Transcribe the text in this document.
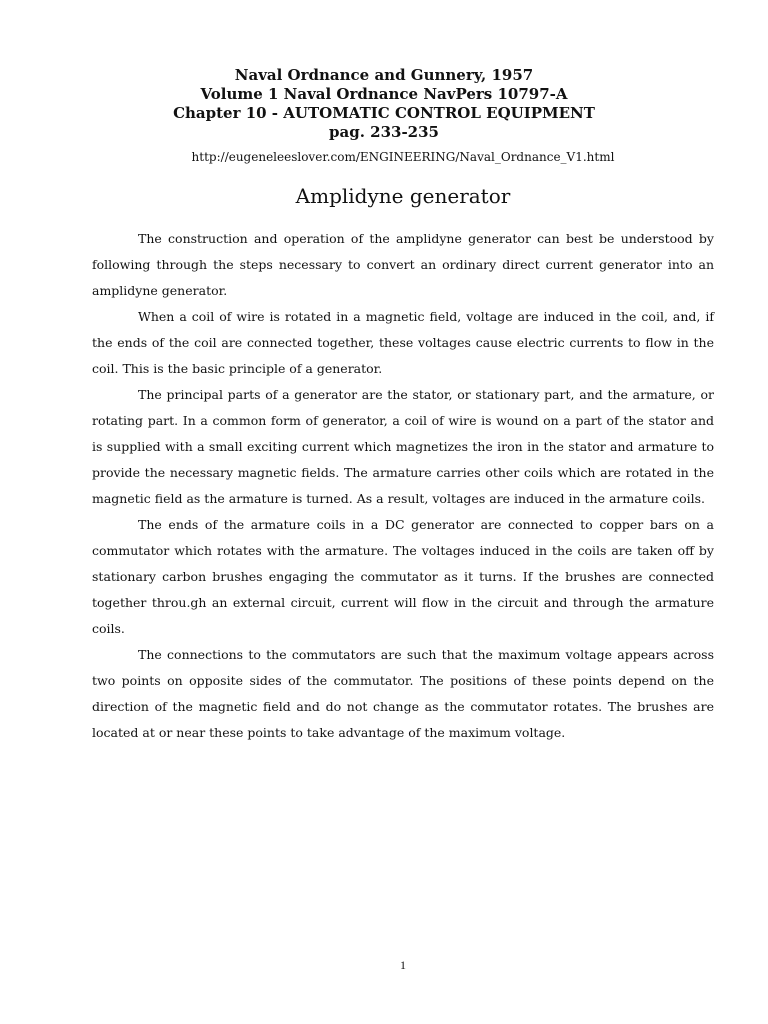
Naval Ordnance and Gunnery, 1957
Volume 1 Naval Ordnance NavPers 10797-A
Chapter 10 - AUTOMATIC CONTROL EQUIPMENT
pag. 233-235
http://eugeneleeslover.com/ENGINEERING/Naval_Ordnance_V1.html
Amplidyne generator

The construction and operation of the amplidyne generator can best be understood by following through the steps necessary to convert an ordinary direct current generator into an amplidyne generator.

When a coil of wire is rotated in a magnetic field, voltage are induced in the coil, and, if the ends of the coil are connected together, these voltages cause electric currents to flow in the coil. This is the basic principle of a generator.

The principal parts of a generator are the stator, or stationary part, and the armature, or rotating part. In a common form of generator, a coil of wire is wound on a part of the stator and is supplied with a small exciting current which magnetizes the iron in the stator and armature to provide the necessary magnetic fields. The armature carries other coils which are rotated in the magnetic field as the armature is turned. As a result, voltages are induced in the armature coils.

The ends of the armature coils in a DC generator are connected to copper bars on a commutator which rotates with the armature. The voltages induced in the coils are taken off by stationary carbon brushes engaging the commutator as it turns. If the brushes are connected together throu.gh an external circuit, current will flow in the circuit and through the armature coils.

The connections to the commutators are such that the maximum voltage appears across two points on opposite sides of the commutator. The positions of these points depend on the direction of the magnetic field and do not change as the commutator rotates. The brushes are located at or near these points to take advantage of the maximum voltage.

1
